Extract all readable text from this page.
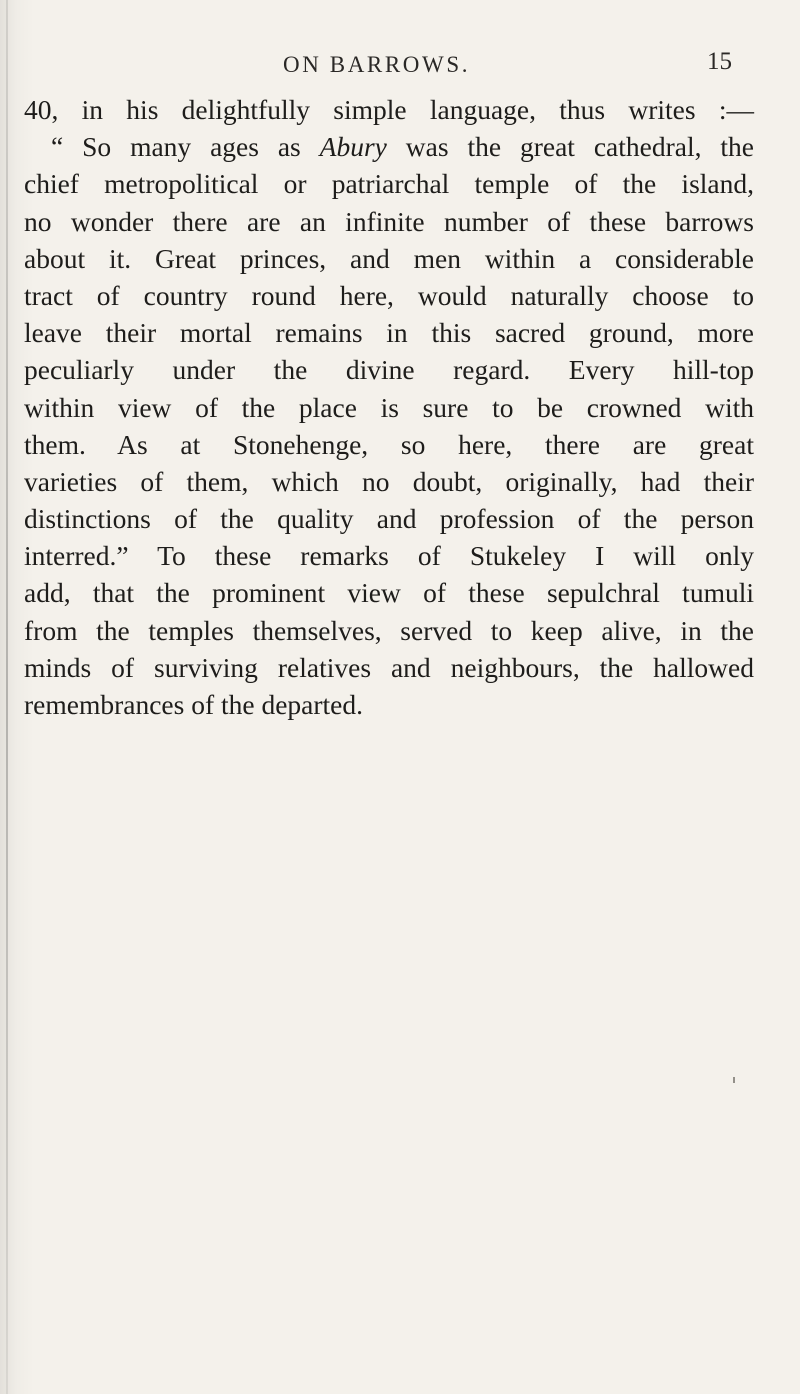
ON BARROWS.	15
40, in his delightfully simple language, thus writes :—
“ So many ages as Abury was the great cathedral, the
chief metropolitical or patriarchal temple of the island,
no wonder there are an infinite number of these barrows
about it. Great princes, and men within a considerable
tract of country round here, would naturally choose to
leave their mortal remains in this sacred ground, more
peculiarly under the divine regard. Every hill-top
within view of the place is sure to be crowned with
them. As at Stonehenge, so here, there are great
varieties of them, which no doubt, originally, had their
distinctions of the quality and profession of the person
interred.” To these remarks of Stukeley I will only
add, that the prominent view of these sepulchral tumuli
from the temples themselves, served to keep alive, in the
minds of surviving relatives and neighbours, the hallowed
remembrances of the departed.
